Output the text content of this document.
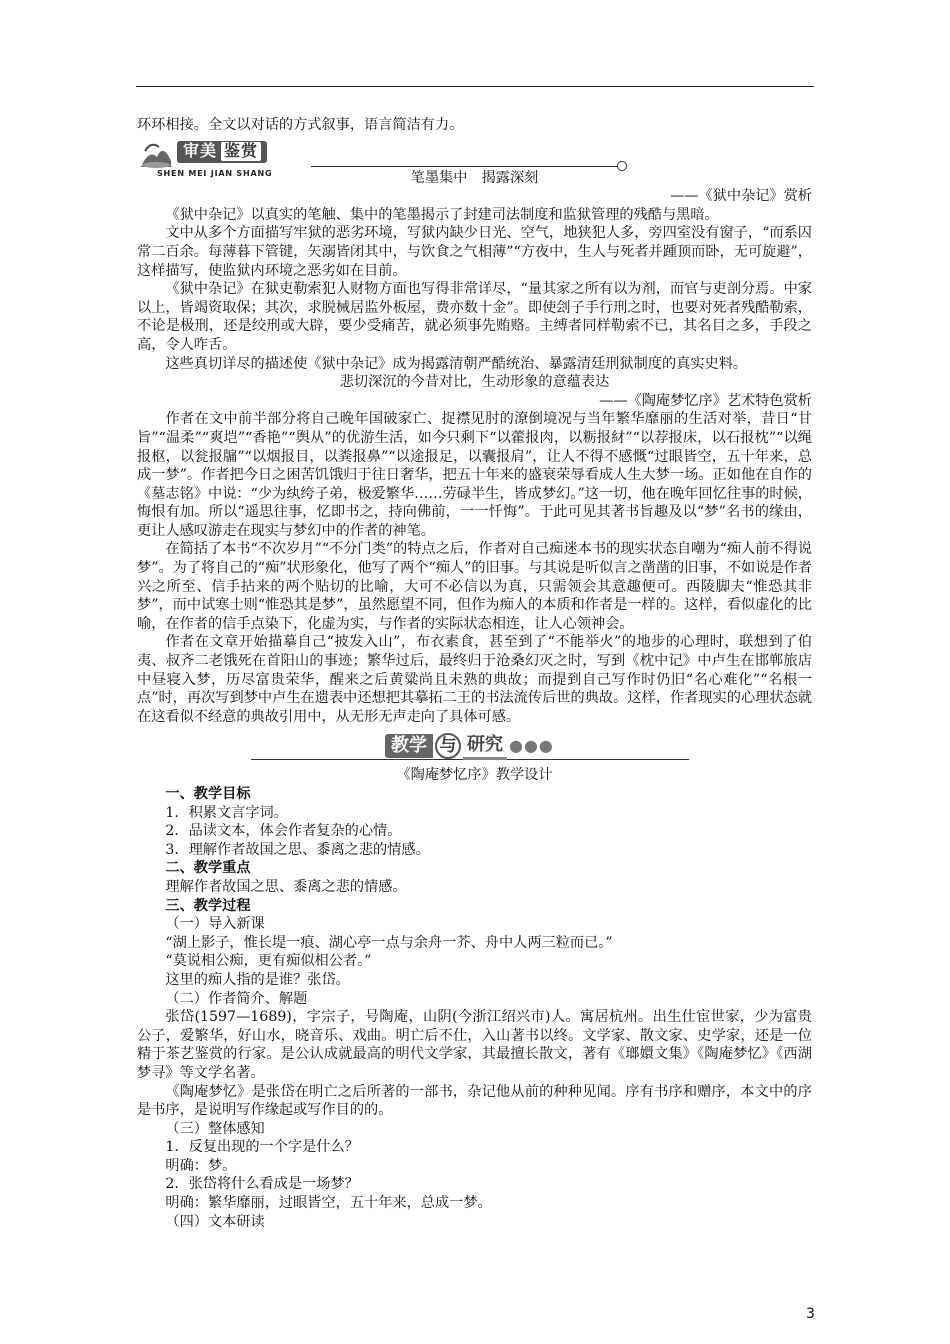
环环相接。全文以对话的方式叙事，语言简洁有力。

审美 鉴赏
SHEN MEI JIAN SHANG	笔墨集中　揭露深刻

——《狱中杂记》赏析

《狱中杂记》以真实的笔触、集中的笔墨揭示了封建司法制度和监狱管理的残酷与黑暗。

文中从多个方面描写牢狱的恶劣环境，写狱内缺少日光、空气，地狭犯人多，旁四室没有窗子，“而系囚常二百余。每薄暮下管键，矢溺皆闭其中，与饮食之气相薄”“方夜中，生人与死者并踵顶而卧，无可旋避”，这样描写，使监狱内环境之恶劣如在目前。

《狱中杂记》在狱吏勒索犯人财物方面也写得非常详尽，“量其家之所有以为剂，而官与吏剖分焉。中家以上，皆竭资取保；其次，求脱械居监外板屋，费亦数十金”。即使刽子手行刑之时，也要对死者残酷勒索，不论是极刑，还是绞刑或大辟，要少受痛苦，就必须事先贿赂。主缚者同样勒索不已，其名目之多，手段之高，令人咋舌。

这些真切详尽的描述使《狱中杂记》成为揭露清朝严酷统治、暴露清廷刑狱制度的真实史料。

悲切深沉的今昔对比，生动形象的意蕴表达

——《陶庵梦忆序》艺术特色赏析

作者在文中前半部分将自己晚年国破家亡、捉襟见肘的潦倒境况与当年繁华靡丽的生活对举，昔日“甘旨”“温柔”“爽垲”“香艳”“舆从”的优游生活，如今只剩下“以藿报肉，以粝报䊷”“以荐报床，以石报枕”“以绳报枢，以瓮报牖”“以烟报目，以粪报鼻”“以途报足，以囊报肩”，让人不得不感慨“过眼皆空，五十年来，总成一梦”。作者把今日之困苦饥饿归于往日奢华，把五十年来的盛衰荣辱看成人生大梦一场。正如他在自作的《墓志铭》中说：“少为纨绔子弟，极爱繁华……劳碌半生，皆成梦幻。”这一切，他在晚年回忆往事的时候，悔恨有加。所以“遥思往事，忆即书之，持向佛前，一一忏悔”。于此可见其著书旨趣及以“梦”名书的缘由，更让人感叹游走在现实与梦幻中的作者的神笔。

在简括了本书“不次岁月”“不分门类”的特点之后，作者对自己痴迷本书的现实状态自嘲为“痴人前不得说梦”。为了将自己的“痴”状形象化，他写了两个“痴人”的旧事。与其说是听似言之凿凿的旧事，不如说是作者兴之所至、信手拈来的两个贴切的比喻，大可不必信以为真，只需领会其意趣便可。西陵脚夫“惟恐其非梦”，而中试寒士则“惟恐其是梦”，虽然愿望不同，但作为痴人的本质和作者是一样的。这样，看似虚化的比喻，在作者的信手点染下，化虚为实，与作者的实际状态相连，让人心领神会。

作者在文章开始描摹自己“披发入山”，布衣素食，甚至到了“不能举火”的地步的心理时，联想到了伯夷、叔齐二老饿死在首阳山的事迹；繁华过后，最终归于沧桑幻灭之时，写到《枕中记》中卢生在邯郸旅店中昼寝入梦，历尽富贵荣华，醒来之后黄粱尚且未熟的典故；而提到自己写作时仍旧“名心难化”“名根一点”时，再次写到梦中卢生在遗表中还想把其摹拓二王的书法流传后世的典故。这样，作者现实的心理状态就在这看似不经意的典故引用中，从无形无声走向了具体可感。

教学 与 研究 ●●●

《陶庵梦忆序》教学设计

一、教学目标

1．积累文言字词。

2．品读文本，体会作者复杂的心情。

3．理解作者故国之思、黍离之悲的情感。

二、教学重点

理解作者故国之思、黍离之悲的情感。

三、教学过程

（一）导入新课

“湖上影子，惟长堤一痕、湖心亭一点与余舟一芥、舟中人两三粒而已。”

“莫说相公痴，更有痴似相公者。”

这里的痴人指的是谁？张岱。

（二）作者简介、解题

张岱(1597—1689)，字宗子，号陶庵，山阴(今浙江绍兴市)人。寓居杭州。出生仕宦世家，少为富贵公子，爱繁华，好山水，晓音乐、戏曲。明亡后不仕，入山著书以终。文学家、散文家、史学家，还是一位精于茶艺鉴赏的行家。是公认成就最高的明代文学家，其最擅长散文，著有《瑯嬛文集》《陶庵梦忆》《西湖梦寻》等文学名著。

《陶庵梦忆》是张岱在明亡之后所著的一部书，杂记他从前的种种见闻。序有书序和赠序，本文中的序是书序，是说明写作缘起或写作目的的。

（三）整体感知

1．反复出现的一个字是什么？

明确：梦。

2．张岱将什么看成是一场梦？

明确：繁华靡丽，过眼皆空，五十年来，总成一梦。

（四）文本研读

3
